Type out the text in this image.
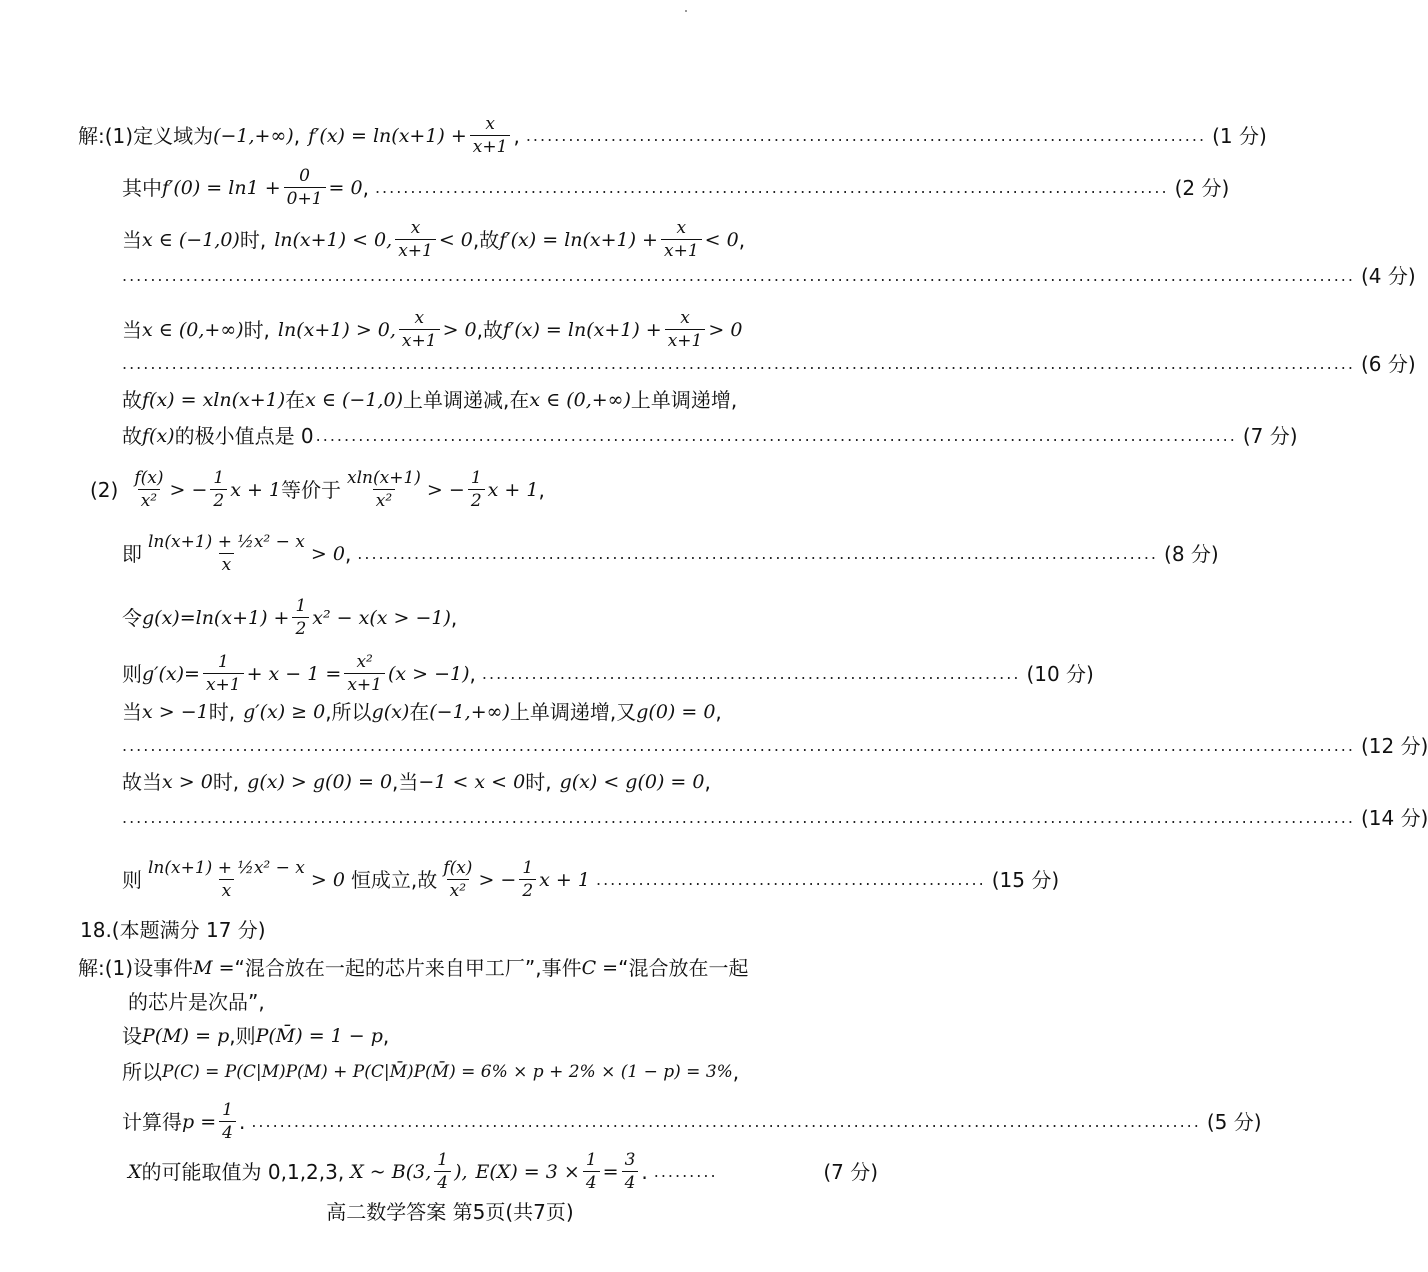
解: (1)定义域为 (−1,+∞) , $f'(x) = \ln(x+1) + \frac{x}{x+1}$ , ................................................................................................ (1 分)
其中 $f'(0) = \ln 1 + \frac{0}{0+1} = 0$ , ................................................................................................................ (2 分)
当 x ∈ (−1,0) 时, ln(x+1) < 0, $\frac{x}{x+1} < 0$ ,故 $f'(x) = \ln(x+1) + \frac{x}{x+1} < 0$ ,
.............................................................................................................................................................................. (4 分)
当 x ∈ (0,+∞) 时, ln(x+1) > 0, $\frac{x}{x+1} > 0$ ,故 $f'(x) = \ln(x+1) + \frac{x}{x+1} > 0$
.............................................................................................................................................................................. (6 分)
故 f(x) = xln(x+1) 在 x ∈ (−1,0) 上单调递减,在 x ∈ (0,+∞) 上单调递增,
故 f(x) 的极小值点是 0 .................................................................................................................................. (7 分)
$(2) \frac{f(x)}{\text{x²}}$ > − $\frac{1}{2}$ x + 1 等价于 $\frac{xln(x+1)}{\text{x²}}$ > − $\frac{1}{2}$ x + 1 ,
即 $\frac{\text{ln(x+1) + ½x² − x}}{x} > 0$ , ................................................................................................................. (8 分)
令 $g(x)=\ln(x+1) + \frac{1}{2} x^2 - x(x > -1)$ ,
则 $g'(x)= \frac{1}{x+1} + x - 1 = \frac{\text{x²}}{x+1} (x > -1)$ , ............................................................................ (10 分)
当 x > −1 时, g′(x) ≥ 0 ,所以 g(x) 在 (−1,+∞) 上单调递增,又 g(0) = 0 ,
.............................................................................................................................................................................. (12 分)
故当 x > 0 时, g(x) > g(0) = 0 ,当 −1 < x < 0 时, g(x) < g(0) = 0 ,
.............................................................................................................................................................................. (14 分)
则 $\frac{\text{ln(x+1) + ½x² − x}}{x} > 0$ 恒成立,故 $\frac{f(x)}{\text{x²}}$ > − $\frac{1}{2}$ x + 1 ....................................................... (15 分)
18.(本题满分 17 分)
解: (1)设事件 M = “混合放在一起的芯片来自甲工厂”,事件 C = “混合放在一起
的芯片是次品”,
设 P(M) = p ,则 P(M̄) = 1 − p ,
所以 P(C) = P(C|M)P(M) + P(C|M̄)P(M̄) = 6% × p + 2% × (1 − p) = 3% ,
计算得 $p = \frac{1}{4}$ . ...................................................................................................................................... (5 分)
X 的可能取值为 0,1,2,3, X ~ B(3, $\frac{1}{4}$ ), $E(X) = 3 \times \frac{1}{4} = \frac{3}{4}$ . .........	(7 分)
高二数学答案 第5页(共7页)
